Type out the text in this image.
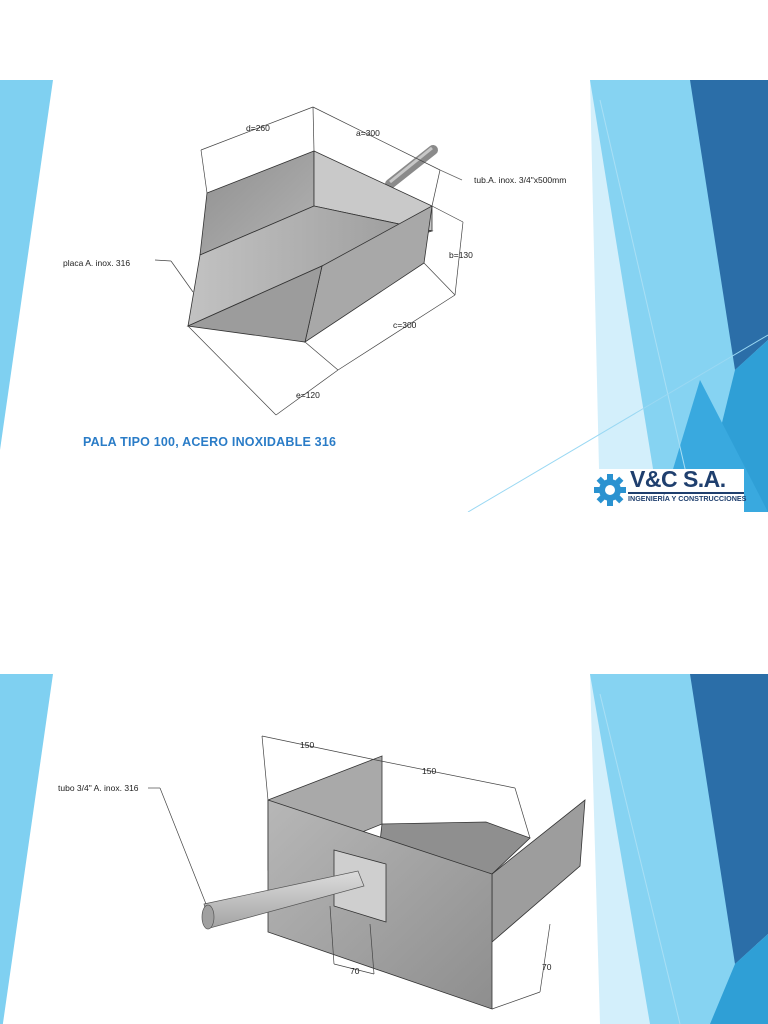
d=260	a=300
tub.A. inox. 3/4"x500mm
placa A. inox. 316
b=130
c=300
e=120
PALA TIPO 100, ACERO INOXIDABLE 316
V&C S.A.
INGENIERÍA Y CONSTRUCCIONES
150
150
tubo 3/4" A. inox. 316
70	70
